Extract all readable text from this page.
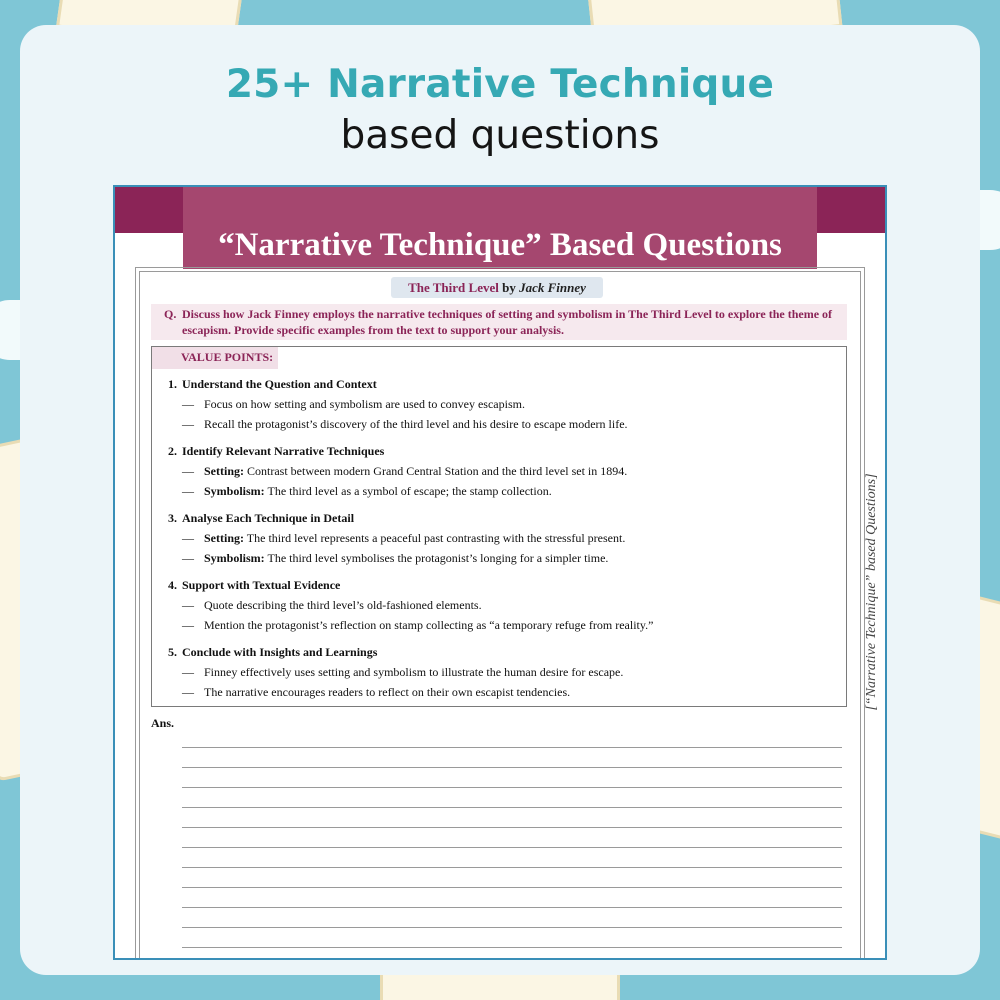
25+ Narrative Technique
based questions
“Narrative Technique” Based Questions
[“Narrative Technique” based Questions]
The Third Level by Jack Finney
Q. Discuss how Jack Finney employs the narrative techniques of setting and symbolism in The Third Level to explore the theme of escapism. Provide specific examples from the text to support your analysis.
VALUE POINTS:
1. Understand the Question and Context
— Focus on how setting and symbolism are used to convey escapism.
— Recall the protagonist’s discovery of the third level and his desire to escape modern life.
2. Identify Relevant Narrative Techniques
— Setting: Contrast between modern Grand Central Station and the third level set in 1894.
— Symbolism: The third level as a symbol of escape; the stamp collection.
3. Analyse Each Technique in Detail
— Setting: The third level represents a peaceful past contrasting with the stressful present.
— Symbolism: The third level symbolises the protagonist’s longing for a simpler time.
4. Support with Textual Evidence
— Quote describing the third level’s old-fashioned elements.
— Mention the protagonist’s reflection on stamp collecting as “a temporary refuge from reality.”
5. Conclude with Insights and Learnings
— Finney effectively uses setting and symbolism to illustrate the human desire for escape.
— The narrative encourages readers to reflect on their own escapist tendencies.
Ans.
